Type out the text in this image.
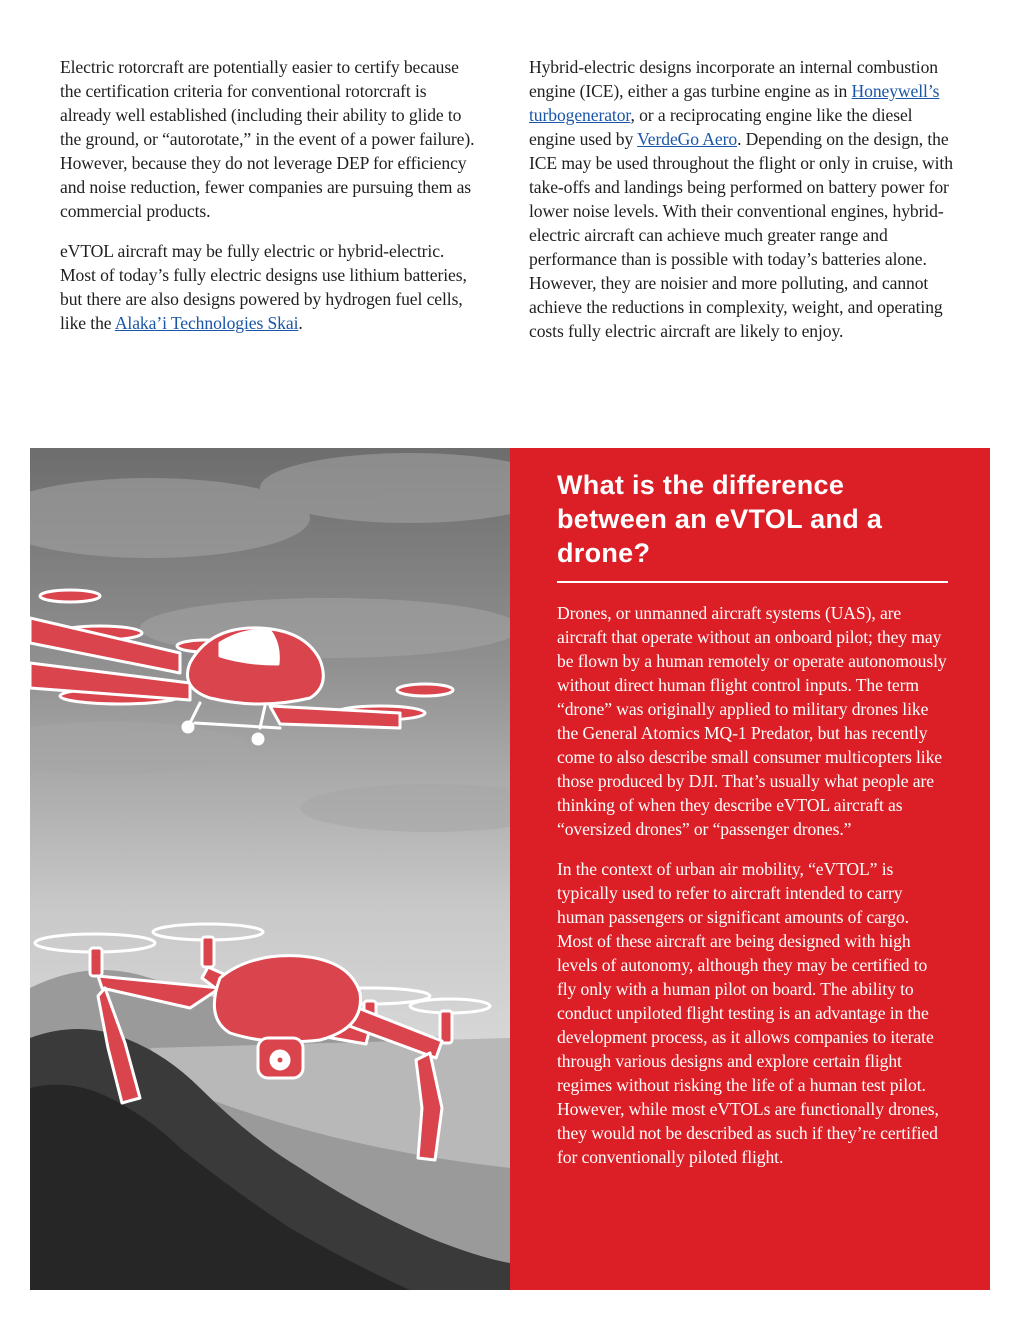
Electric rotorcraft are potentially easier to certify because the certification criteria for conventional rotorcraft is already well established (including their ability to glide to the ground, or “autorotate,” in the event of a power failure). However, because they do not leverage DEP for efficiency and noise reduction, fewer companies are pursuing them as commercial products.

eVTOL aircraft may be fully electric or hybrid-electric. Most of today’s fully electric designs use lithium batteries, but there are also designs powered by hydrogen fuel cells, like the Alaka’i Technologies Skai.

Hybrid-electric designs incorporate an internal combustion engine (ICE), either a gas turbine engine as in Honeywell’s turbogenerator, or a reciprocating engine like the diesel engine used by VerdeGo Aero. Depending on the design, the ICE may be used throughout the flight or only in cruise, with take-offs and landings being performed on battery power for lower noise levels. With their conventional engines, hybrid-electric aircraft can achieve much greater range and performance than is possible with today’s batteries alone. However, they are noisier and more polluting, and cannot achieve the reductions in complexity, weight, and operating costs fully electric aircraft are likely to enjoy.

What is the difference between an eVTOL and a drone?

Drones, or unmanned aircraft systems (UAS), are aircraft that operate without an onboard pilot; they may be flown by a human remotely or operate autonomously without direct human flight control inputs. The term “drone” was originally applied to military drones like the General Atomics MQ-1 Predator, but has recently come to also describe small consumer multicopters like those produced by DJI. That’s usually what people are thinking of when they describe eVTOL aircraft as “oversized drones” or “passenger drones.”

In the context of urban air mobility, “eVTOL” is typically used to refer to aircraft intended to carry human passengers or significant amounts of cargo. Most of these aircraft are being designed with high levels of autonomy, although they may be certified to fly only with a human pilot on board. The ability to conduct unpiloted flight testing is an advantage in the development process, as it allows companies to iterate through various designs and explore certain flight regimes without risking the life of a human test pilot. However, while most eVTOLs are functionally drones, they would not be described as such if they’re certified for conventionally piloted flight.
